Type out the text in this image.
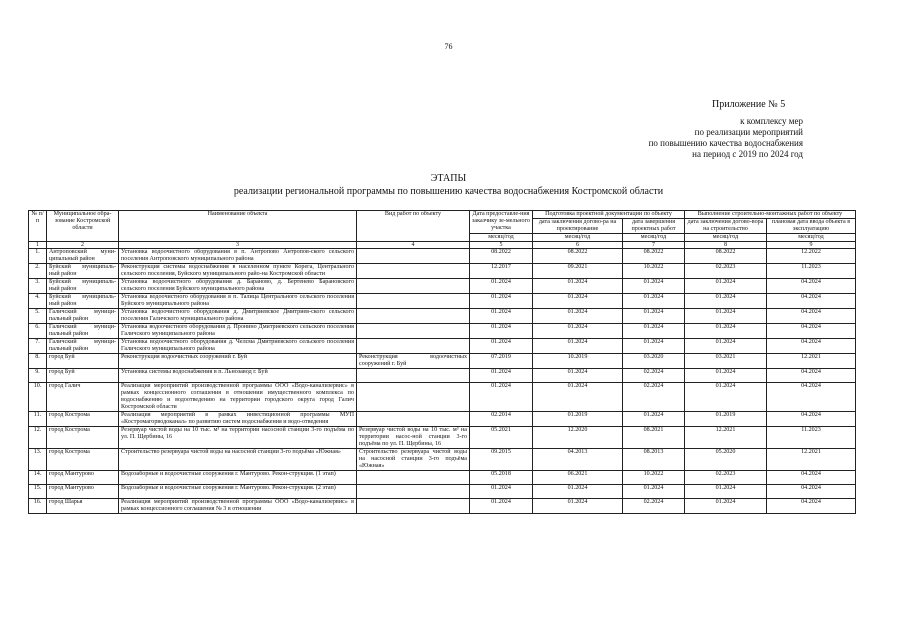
76
Приложение № 5
к комплексу мер
по реализации мероприятий
по повышению качества водоснабжения
на период с 2019 по 2024 год
ЭТАПЫ
реализации региональной программы по повышению качества водоснабжения Костромской области
№ п/п	Муниципальное обра-зование Костромской области	Наименование объекта	Вид работ по объекту	Дата предоставле-ния заказчику зе-мельного участка	Подготовка проектной документации по объекту		Выполнение строительно-монтажных работ по объекту	
					дата заключения догово-ра на проектирование	дата завершения проектных работ	дата заключения догово-вора на строительство	плановая дата ввода объекта в эксплуатацию
				месяц/год	месяц/год	месяц/год	месяц/год	месяц/год
1	2	3	4	5	6	7	8	9
1.	Антроповский муни-ципальный район	Установка водоочистного оборудования в п. Антропово Антропов-ского сельского поселения Антроповского муниципального района		08.2022	08.2022	08.2022	08.2022	12.2022
2.	Буйский муниципаль-ный район	Реконструкция системы водоснабжения в населенном пункте Корега, Центрального сельского поселения, Буйского муниципального райо-на Костромской области		12.2017	09.2021	10.2022	02.2023	11.2023
3.	Буйский муниципаль-ный район	Установка водоочистного оборудования д. Бараново, д. Бертенево Барановского сельского поселения Буйского муниципального района		01.2024	01.2024	01.2024	01.2024	04.2024
4.	Буйский муниципаль-ный район	Установка водоочистного оборудования в п. Талица Центрального сельского поселения Буйского муниципального района		01.2024	01.2024	01.2024	01.2024	04.2024
5.	Галичский муници-пальный район	Установка водоочистного оборудования д. Дмитриевское Дмитриев-ского сельского поселения Галичского муниципального района		01.2024	01.2024	01.2024	01.2024	04.2024
6.	Галичский муници-пальный район	Установка водоочистного оборудования д. Пронино Дмитриевского сельского поселения Галичского муниципального района		01.2024	01.2024	01.2024	01.2024	04.2024
7.	Галичский муници-пальный район	Установка водоочистного оборудования д. Челсма Дмитриевского сельского поселения Галичского муниципального района		01.2024	01.2024	01.2024	01.2024	04.2024
8.	город Буй	Реконструкция водоочистных сооружений г. Буй	Реконструкция водоочистных сооружений г. Буй	07.2019	10.2019	03.2020	03.2021	12.2021
9.	город Буй	Установка системы водоснабжения в п. Льнозавод г. Буй		01.2024	01.2024	02.2024	01.2024	04.2024
10.	город Галич	Реализация мероприятий производственной программы ООО «Водо-канализервис» в рамках концессионного соглашения в отношении имущественного комплекса по водоснабжению и водоотведению на территории городского округа город Галич Костромской области		01.2024	01.2024	02.2024	01.2024	04.2024
11.	город Кострома	Реализация мероприятий в рамках инвестиционной программы МУП «Костромагорводоканал» по развитию систем водоснабжения и водо-отведения		02.2014	01.2019	01.2024	01.2019	04.2024
12.	город Кострома	Резервуар чистой воды на 10 тыс. м³ на территории насосной станции 3-го подъёма по ул. П. Щербины, 16	Резервуар чистой воды на 10 тыс. м³ на территории насос-ной станции 3-го подъёма по ул. П. Щербины, 16	05.2021	12.2020	08.2021	12.2021	11.2023
13.	город Кострома	Строительство резервуара чистой воды на насосной станции 3-го подъёма «Южная»	Строительство резервуара чистой воды на насосной станции 3-го подъёма «Южная»	09.2015	04.2013	08.2013	05.2020	12.2021
14.	город Мантурово	Водозаборные и водоочистные сооружения г. Мантурово. Рекон-струкция. (1 этап)		05.2018	06.2021	10.2022	02.2023	04.2024
15.	город Мантурово	Водозаборные и водоочистные сооружения г. Мантурово. Рекон-струкция. (2 этап)		01.2024	01.2024	01.2024	01.2024	04.2024
16.	город Шарья	Реализация мероприятий производственной программы ООО «Водо-канализервис» в рамках концессионного соглашения № 3 в отношении		01.2024	01.2024	02.2024	01.2024	04.2024
